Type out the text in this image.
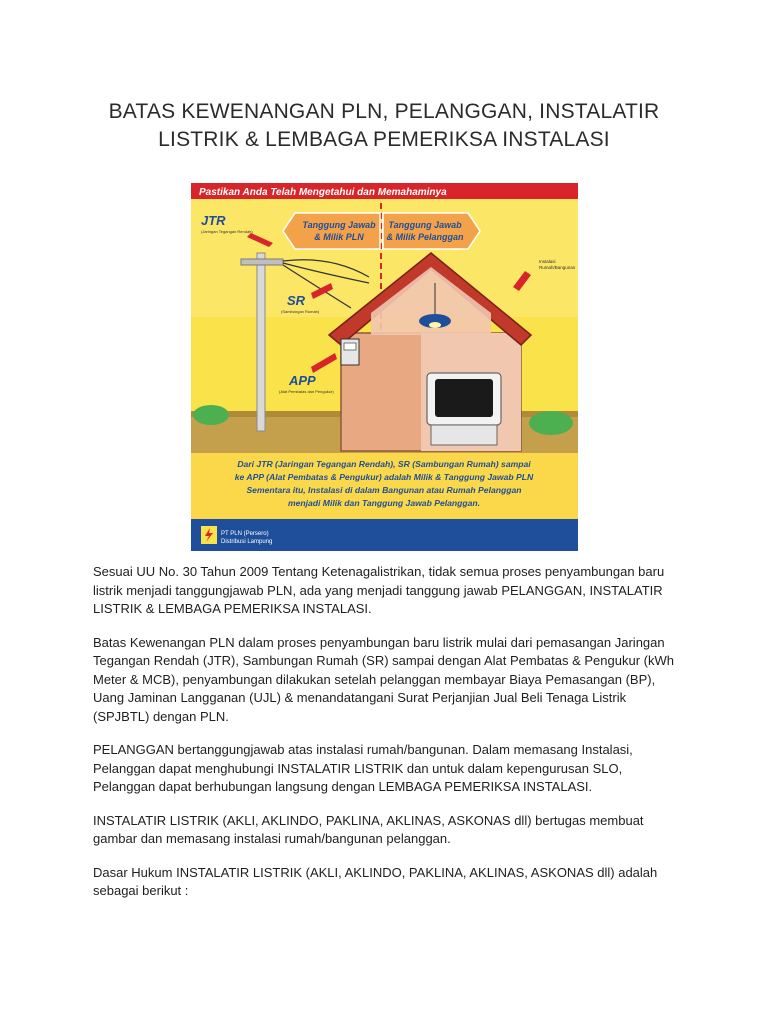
BATAS KEWENANGAN PLN, PELANGGAN, INSTALATIR
LISTRIK & LEMBAGA PEMERIKSA INSTALASI
Pastikan Anda Telah Mengetahui dan Memahaminya
Tanggung Jawab
& Milik PLN
Tanggung Jawab
& Milik Pelanggan
JTR
(Jaringan Tegangan Rendah)
SR
(Sambungan Rumah)
APP
(Alat Pembatas dan Pengukur)
Instalasi
Rumah/Bangunan
Dari JTR (Jaringan Tegangan Rendah), SR (Sambungan Rumah) sampai
ke APP (Alat Pembatas & Pengukur) adalah Milik & Tanggung Jawab PLN
Sementara itu, Instalasi di dalam Bangunan atau Rumah Pelanggan
menjadi Milik dan Tanggung Jawab Pelanggan.
PT PLN (Persero)
Distribusi Lampung

Sesuai UU No. 30 Tahun 2009 Tentang Ketenagalistrikan, tidak semua proses penyambungan baru listrik menjadi tanggungjawab PLN, ada yang menjadi tanggung jawab PELANGGAN, INSTALATIR LISTRIK & LEMBAGA PEMERIKSA INSTALASI.

Batas Kewenangan PLN dalam proses penyambungan baru listrik mulai dari pemasangan Jaringan Tegangan Rendah (JTR), Sambungan Rumah (SR) sampai dengan Alat Pembatas & Pengukur (kWh Meter & MCB), penyambungan dilakukan setelah pelanggan membayar Biaya Pemasangan (BP), Uang Jaminan Langganan (UJL) & menandatangani Surat Perjanjian Jual Beli Tenaga Listrik (SPJBTL) dengan PLN.

PELANGGAN bertanggungjawab atas instalasi rumah/bangunan. Dalam memasang Instalasi, Pelanggan dapat menghubungi INSTALATIR LISTRIK dan untuk dalam kepengurusan SLO, Pelanggan dapat berhubungan langsung dengan LEMBAGA PEMERIKSA INSTALASI.

INSTALATIR LISTRIK (AKLI, AKLINDO, PAKLINA, AKLINAS, ASKONAS dll) bertugas membuat gambar dan memasang instalasi rumah/bangunan pelanggan.

Dasar Hukum INSTALATIR LISTRIK (AKLI, AKLINDO, PAKLINA, AKLINAS, ASKONAS dll) adalah sebagai berikut :
